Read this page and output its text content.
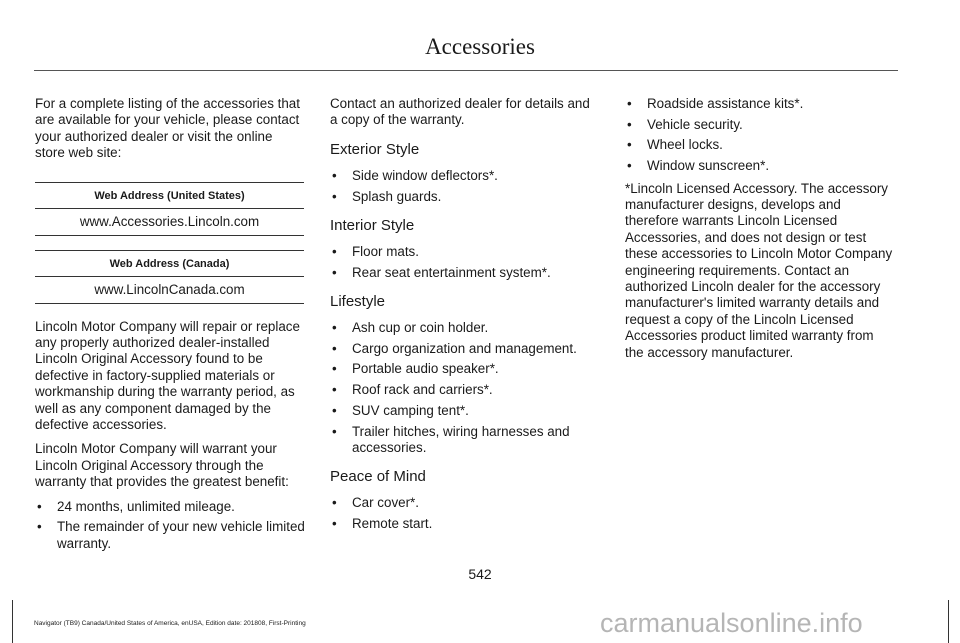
Accessories

For a complete listing of the accessories that are available for your vehicle, please contact your authorized dealer or visit the online store web site:

Web Address (United States)
www.Accessories.Lincoln.com
Web Address (Canada)
www.LincolnCanada.com

Lincoln Motor Company will repair or replace any properly authorized dealer-installed Lincoln Original Accessory found to be defective in factory-supplied materials or workmanship during the warranty period, as well as any component damaged by the defective accessories.

Lincoln Motor Company will warrant your Lincoln Original Accessory through the warranty that provides the greatest benefit:

• 24 months, unlimited mileage.
• The remainder of your new vehicle limited warranty.

Contact an authorized dealer for details and a copy of the warranty.

Exterior Style
• Side window deflectors*.
• Splash guards.
Interior Style
• Floor mats.
• Rear seat entertainment system*.
Lifestyle
• Ash cup or coin holder.
• Cargo organization and management.
• Portable audio speaker*.
• Roof rack and carriers*.
• SUV camping tent*.
• Trailer hitches, wiring harnesses and accessories.
Peace of Mind
• Car cover*.
• Remote start.
• Roadside assistance kits*.
• Vehicle security.
• Wheel locks.
• Window sunscreen*.

*Lincoln Licensed Accessory. The accessory manufacturer designs, develops and therefore warrants Lincoln Licensed Accessories, and does not design or test these accessories to Lincoln Motor Company engineering requirements. Contact an authorized Lincoln dealer for the accessory manufacturer's limited warranty details and request a copy of the Lincoln Licensed Accessories product limited warranty from the accessory manufacturer.

542
Navigator (TB9) Canada/United States of America, enUSA, Edition date: 201808, First-Printing	carmanualsonline.info
